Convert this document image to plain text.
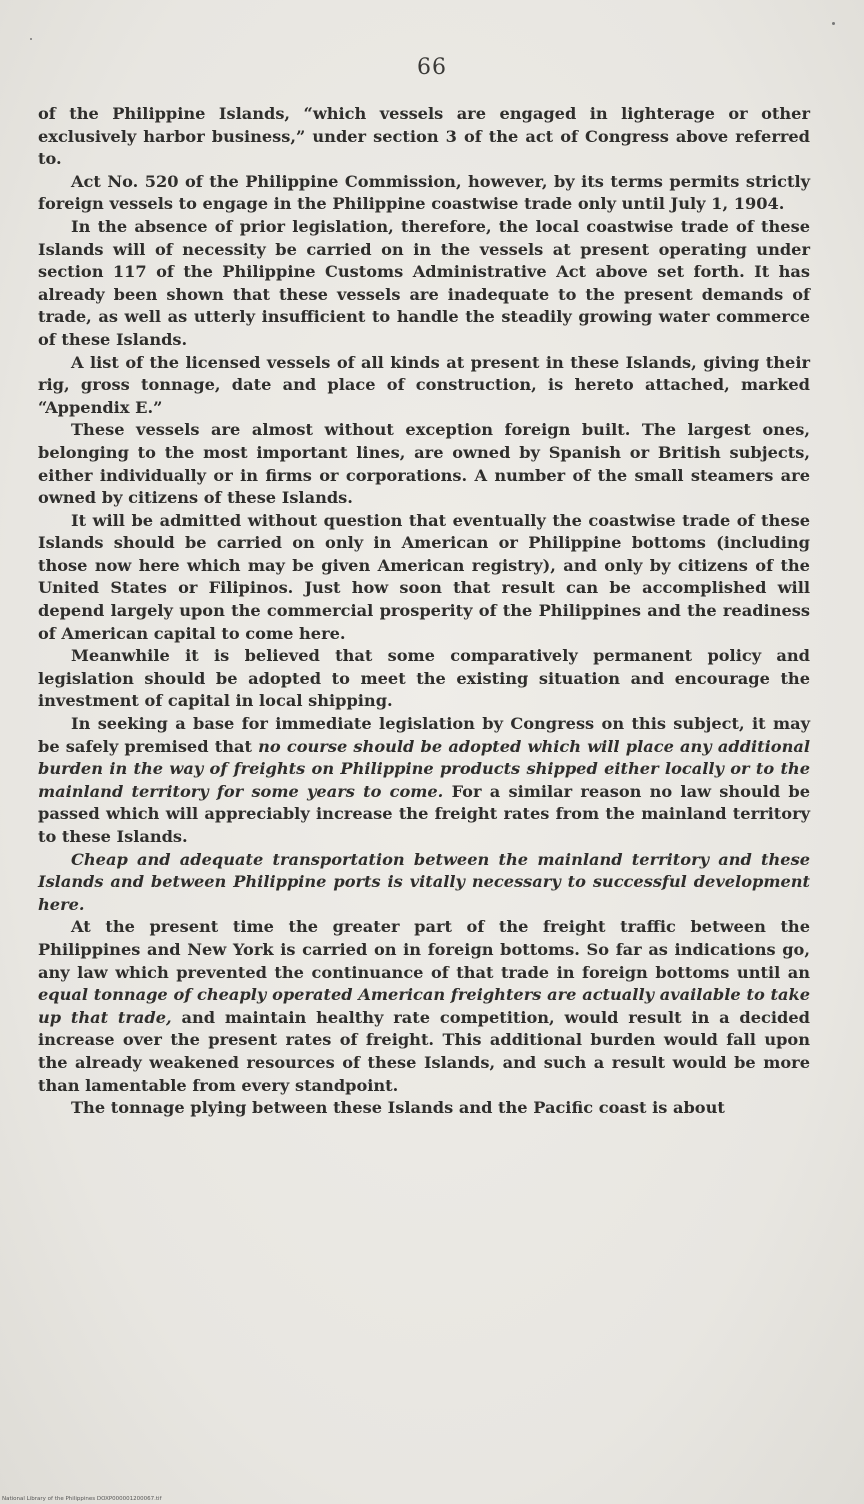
66

of the Philippine Islands, “which vessels are engaged in lighterage or other exclusively harbor business,” under section 3 of the act of Congress above referred to.

Act No. 520 of the Philippine Commission, however, by its terms permits strictly foreign vessels to engage in the Philippine coastwise trade only until July 1, 1904.

In the absence of prior legislation, therefore, the local coastwise trade of these Islands will of necessity be carried on in the vessels at present operating under section 117 of the Philippine Customs Administrative Act above set forth. It has already been shown that these vessels are inadequate to the present demands of trade, as well as utterly insufficient to handle the steadily growing water commerce of these Islands.

A list of the licensed vessels of all kinds at present in these Islands, giving their rig, gross tonnage, date and place of construction, is hereto attached, marked “Appendix E.”

These vessels are almost without exception foreign built. The largest ones, belonging to the most important lines, are owned by Spanish or British subjects, either individually or in firms or corporations. A number of the small steamers are owned by citizens of these Islands.

It will be admitted without question that eventually the coastwise trade of these Islands should be carried on only in American or Philippine bottoms (including those now here which may be given American registry), and only by citizens of the United States or Filipinos. Just how soon that result can be accomplished will depend largely upon the commercial prosperity of the Philippines and the readiness of American capital to come here.

Meanwhile it is believed that some comparatively permanent policy and legislation should be adopted to meet the existing situation and encourage the investment of capital in local shipping.

In seeking a base for immediate legislation by Congress on this subject, it may be safely premised that no course should be adopted which will place any additional burden in the way of freights on Philippine products shipped either locally or to the mainland territory for some years to come. For a similar reason no law should be passed which will appreciably increase the freight rates from the mainland territory to these Islands.

Cheap and adequate transportation between the mainland territory and these Islands and between Philippine ports is vitally necessary to successful development here.

At the present time the greater part of the freight traffic between the Philippines and New York is carried on in foreign bottoms. So far as indications go, any law which prevented the continuance of that trade in foreign bottoms until an equal tonnage of cheaply operated American freighters are actually available to take up that trade, and maintain healthy rate competition, would result in a decided increase over the present rates of freight. This additional burden would fall upon the already weakened resources of these Islands, and such a result would be more than lamentable from every standpoint.

The tonnage plying between these Islands and the Pacific coast is about

National Library of the Philippines DOXP000001200067.tif
